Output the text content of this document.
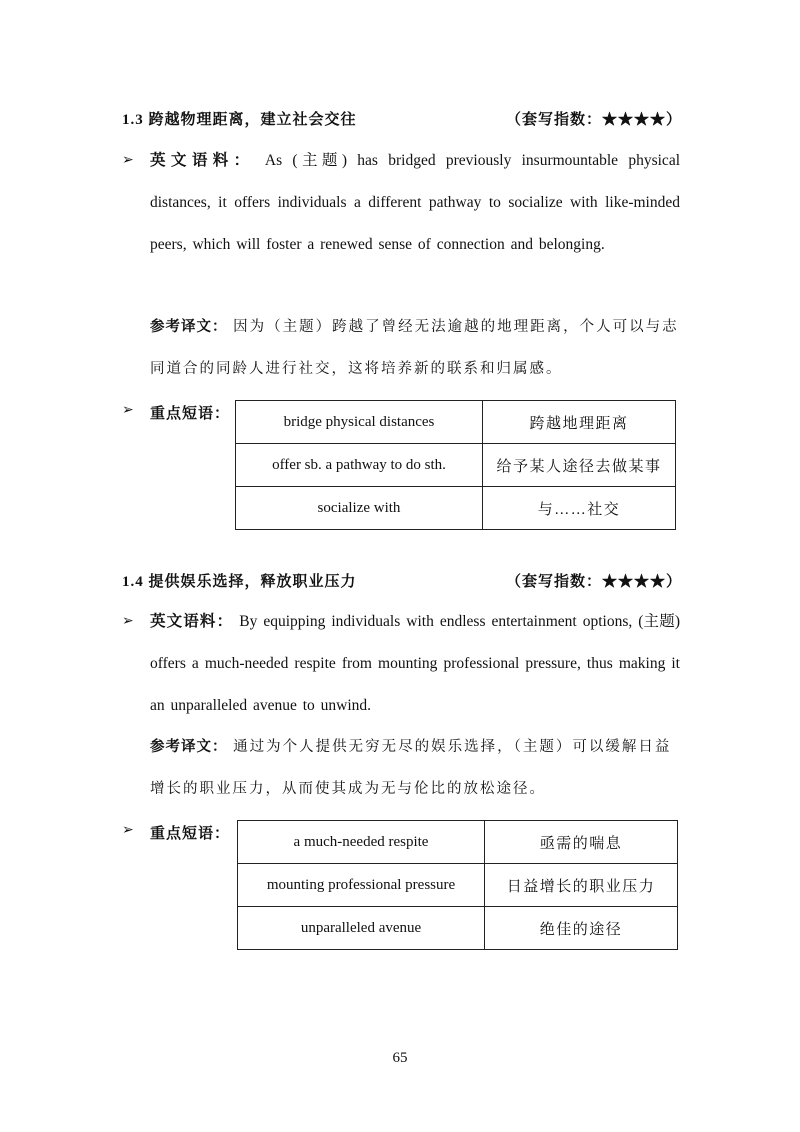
1.3 跨越物理距离，建立社会交往	（套写指数：★★★★）
➢ 英文语料： As (主题) has bridged previously insurmountable physical distances, it offers individuals a different pathway to socialize with like-minded peers, which will foster a renewed sense of connection and belonging.
参考译文： 因为（主题）跨越了曾经无法逾越的地理距离，个人可以与志同道合的同龄人进行社交，这将培养新的联系和归属感。
➢ 重点短语：	bridge physical distances	跨越地理距离
offer sb. a pathway to do sth.	给予某人途径去做某事
socialize with	与……社交
1.4 提供娱乐选择，释放职业压力	（套写指数：★★★★）
➢ 英文语料： By equipping individuals with endless entertainment options, (主题) offers a much-needed respite from mounting professional pressure, thus making it an unparalleled avenue to unwind.
参考译文： 通过为个人提供无穷无尽的娱乐选择，（主题）可以缓解日益增长的职业压力，从而使其成为无与伦比的放松途径。
➢ 重点短语：	a much-needed respite	亟需的喘息
mounting professional pressure	日益增长的职业压力
unparalleled avenue	绝佳的途径
65
